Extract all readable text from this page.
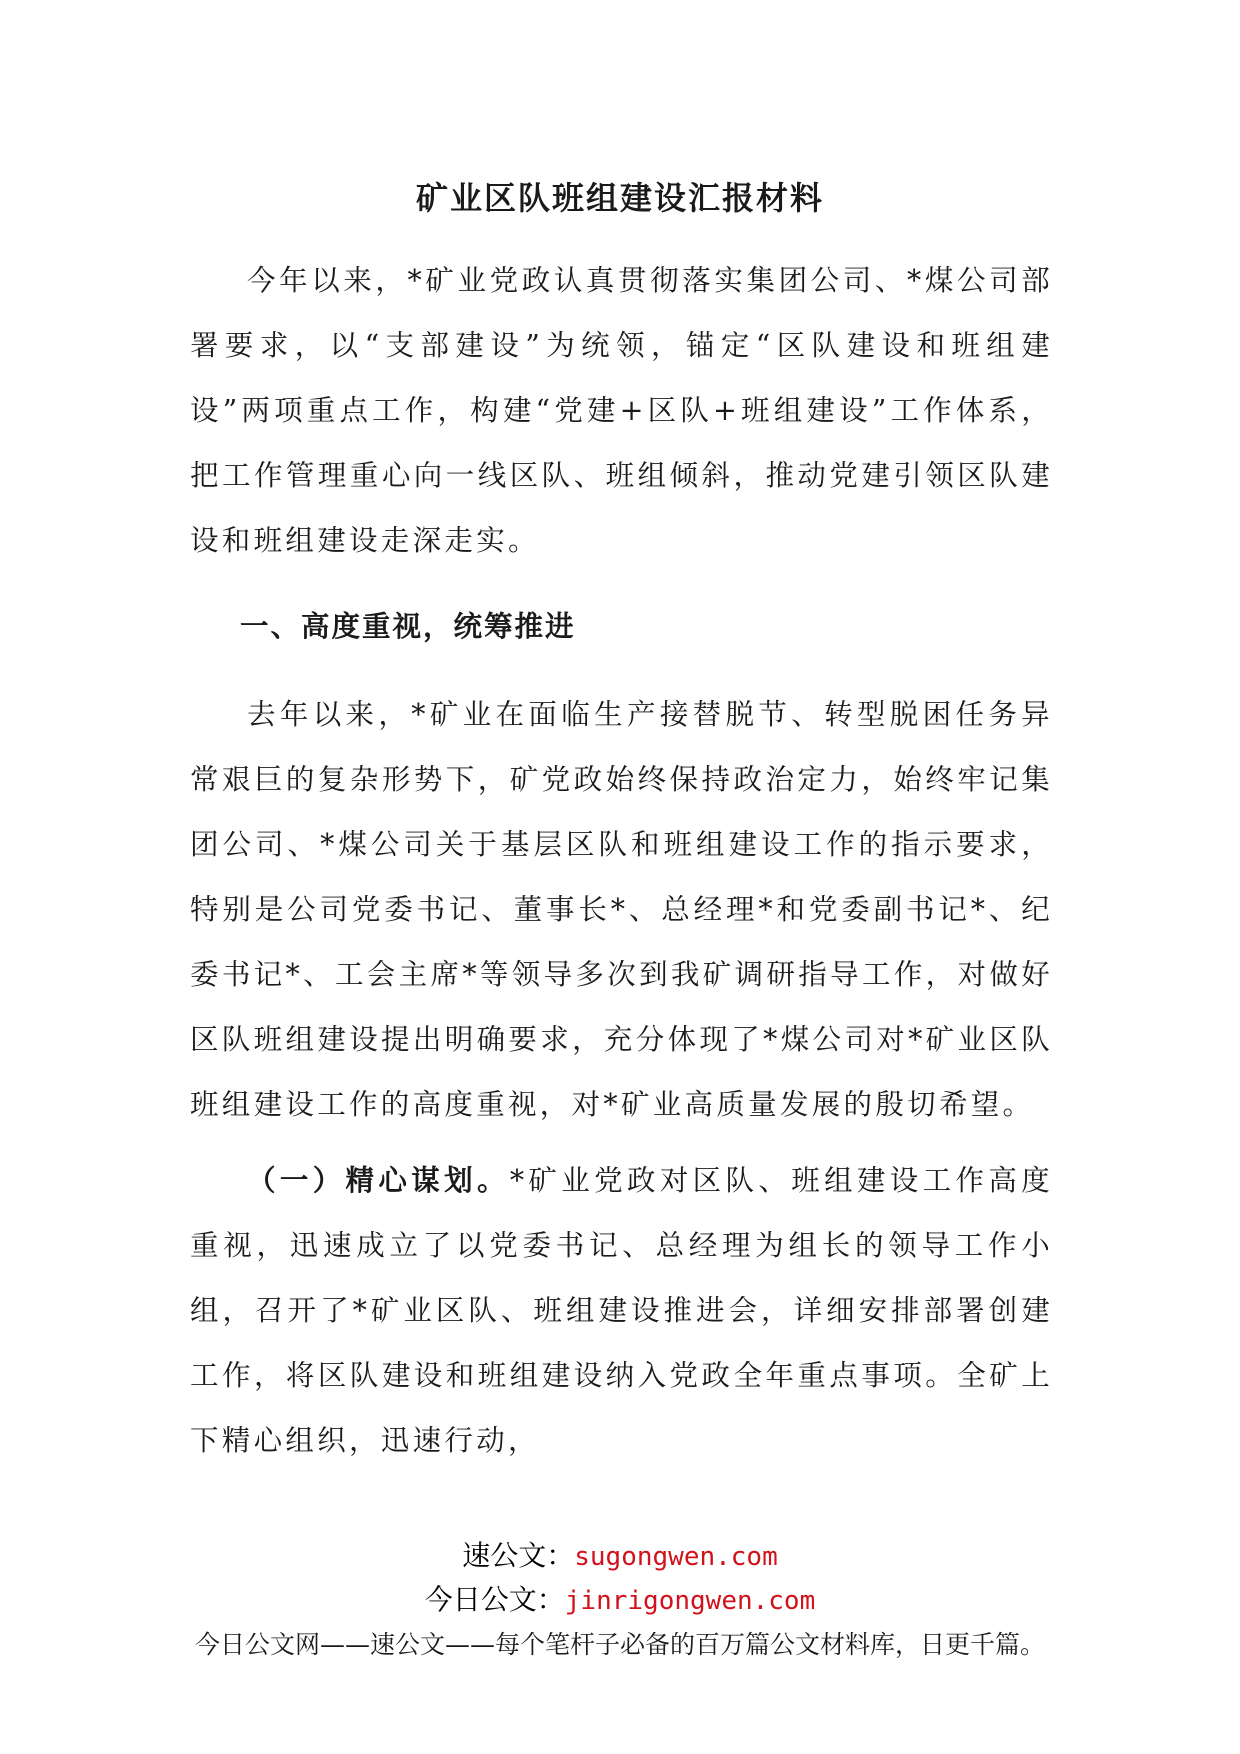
矿业区队班组建设汇报材料

今年以来，*矿业党政认真贯彻落实集团公司、*煤公司部署要求，以“支部建设”为统领，锚定“区队建设和班组建设”两项重点工作，构建“党建+区队+班组建设”工作体系，把工作管理重心向一线区队、班组倾斜，推动党建引领区队建设和班组建设走深走实。

一、高度重视，统筹推进

去年以来，*矿业在面临生产接替脱节、转型脱困任务异常艰巨的复杂形势下，矿党政始终保持政治定力，始终牢记集团公司、*煤公司关于基层区队和班组建设工作的指示要求，特别是公司党委书记、董事长*、总经理*和党委副书记*、纪委书记*、工会主席*等领导多次到我矿调研指导工作，对做好区队班组建设提出明确要求，充分体现了*煤公司对*矿业区队班组建设工作的高度重视，对*矿业高质量发展的殷切希望。

（一）精心谋划。*矿业党政对区队、班组建设工作高度重视，迅速成立了以党委书记、总经理为组长的领导工作小组，召开了*矿业区队、班组建设推进会，详细安排部署创建工作，将区队建设和班组建设纳入党政全年重点事项。全矿上下精心组织，迅速行动，

速公文：sugongwen.com
今日公文：jinrigongwen.com
今日公文网——速公文——每个笔杆子必备的百万篇公文材料库，日更千篇。
